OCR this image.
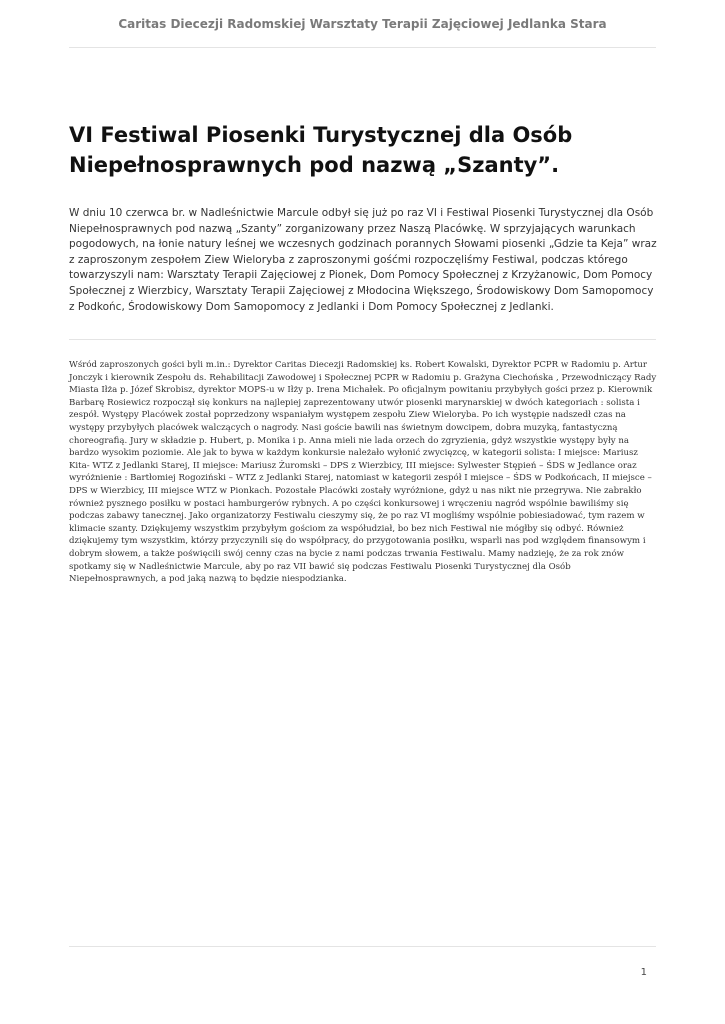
Caritas Diecezji Radomskiej Warsztaty Terapii Zajęciowej Jedlanka Stara
VI Festiwal Piosenki Turystycznej dla Osób Niepełnosprawnych pod nazwą „Szanty”.

W dniu 10 czerwca br. w Nadleśnictwie Marcule odbył się już po raz VI i Festiwal Piosenki Turystycznej dla Osób Niepełnosprawnych pod nazwą „Szanty” zorganizowany przez Naszą Placówkę. W sprzyjających warunkach pogodowych, na łonie natury leśnej we wczesnych godzinach porannych Słowami piosenki „Gdzie ta Keja” wraz z zaproszonym zespołem Ziew Wieloryba z zaproszonymi gośćmi rozpoczęliśmy Festiwal, podczas którego towarzyszyli nam: Warsztaty Terapii Zajęciowej z Pionek, Dom Pomocy Społecznej z Krzyżanowic, Dom Pomocy Społecznej z Wierzbicy, Warsztaty Terapii Zajęciowej z Młodocina Większego, Środowiskowy Dom Samopomocy z Podkońc, Środowiskowy Dom Samopomocy z Jedlanki i Dom Pomocy Społecznej z Jedlanki.

Wśród zaproszonych gości byli m.in.: Dyrektor Caritas Diecezji Radomskiej ks. Robert Kowalski, Dyrektor PCPR w Radomiu p. Artur Jonczyk i kierownik Zespołu ds. Rehabilitacji Zawodowej i Społecznej PCPR w Radomiu p. Grażyna Ciechońska , Przewodniczący Rady Miasta Iłża p. Józef Skrobisz, dyrektor MOPS-u w Iłży p. Irena Michałek. Po oficjalnym powitaniu przybyłych gości przez p. Kierownik Barbarę Rosiewicz rozpoczął się konkurs na najlepiej zaprezentowany utwór piosenki marynarskiej w dwóch kategoriach : solista i zespół. Występy Placówek został poprzedzony wspaniałym występem zespołu Ziew Wieloryba. Po ich występie nadszedł czas na występy przybyłych placówek walczących o nagrody. Nasi goście bawili nas świetnym dowcipem, dobra muzyką, fantastyczną choreografią. Jury w składzie p. Hubert, p. Monika i p. Anna mieli nie lada orzech do zgryzienia, gdyż wszystkie występy były na bardzo wysokim poziomie. Ale jak to bywa w każdym konkursie należało wyłonić zwycięzcę, w kategorii solista: I miejsce: Mariusz Kita- WTZ z Jedlanki Starej, II miejsce: Mariusz Żuromski – DPS z Wierzbicy, III miejsce: Sylwester Stępień – ŚDS w Jedlance oraz wyróżnienie : Bartłomiej Rogoziński – WTZ z Jedlanki Starej, natomiast w kategorii zespół I miejsce – ŚDS w Podkońcach, II miejsce – DPS w Wierzbicy, III miejsce WTZ w Pionkach. Pozostałe Placówki zostały wyróżnione, gdyż u nas nikt nie przegrywa. Nie zabrakło również pysznego posiłku w postaci hamburgerów rybnych. A po części konkursowej i wręczeniu nagród wspólnie bawiliśmy się podczas zabawy tanecznej. Jako organizatorzy Festiwalu cieszymy się, że po raz VI mogliśmy wspólnie pobiesiadować, tym razem w klimacie szanty. Dziękujemy wszystkim przybyłym gościom za współudział, bo bez nich Festiwal nie mógłby się odbyć. Również dziękujemy tym wszystkim, którzy przyczynili się do współpracy, do przygotowania posiłku, wsparli nas pod względem finansowym i dobrym słowem, a także poświęcili swój cenny czas na bycie z nami podczas trwania Festiwalu. Mamy nadzieję, że za rok znów spotkamy się w Nadleśnictwie Marcule, aby po raz VII bawić się podczas Festiwalu Piosenki Turystycznej dla Osób Niepełnosprawnych, a pod jaką nazwą to będzie niespodzianka.

1
